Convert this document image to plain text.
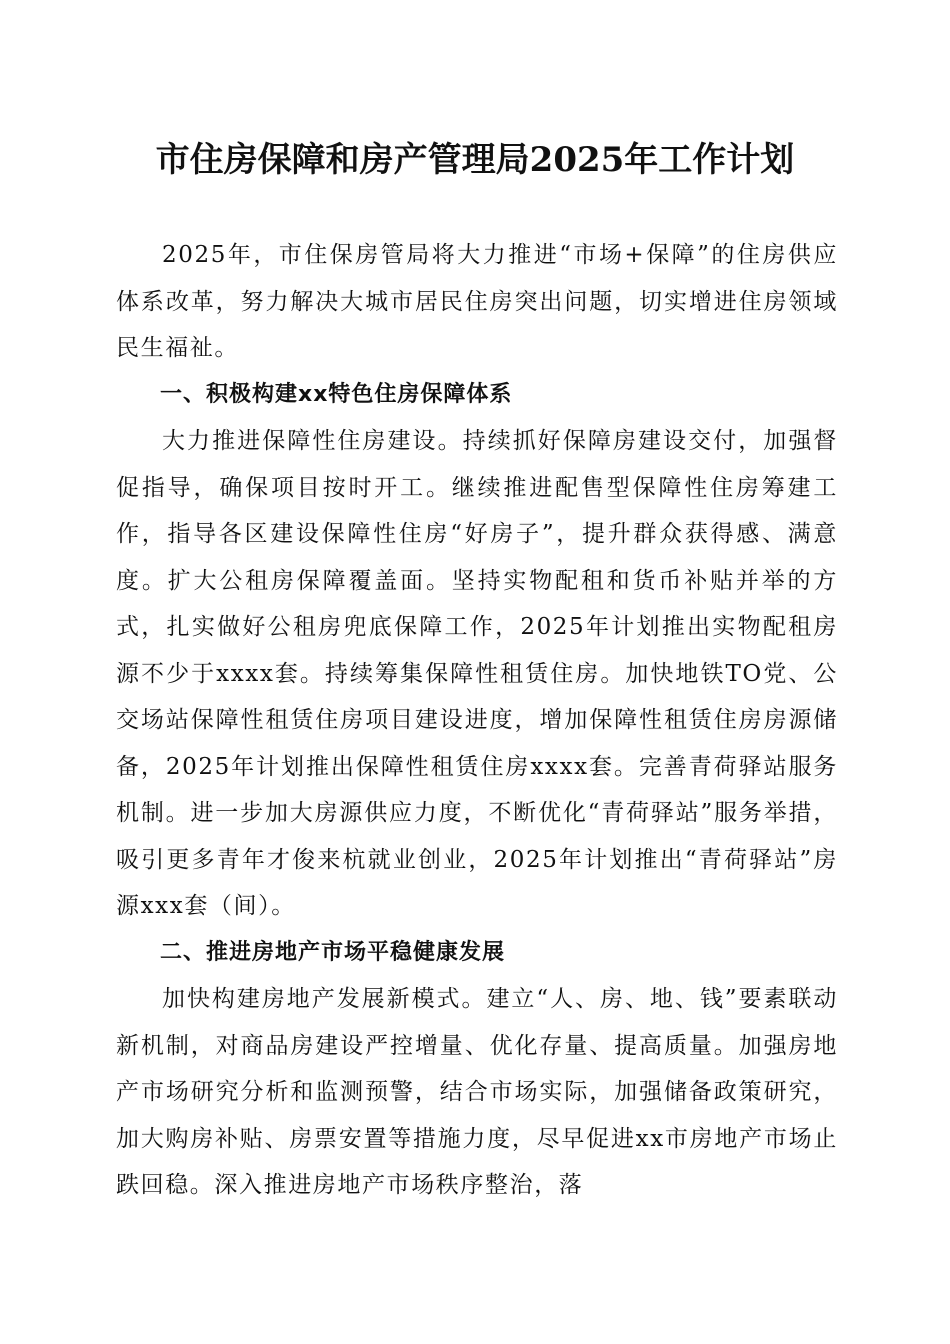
市住房保障和房产管理局2025年工作计划

2025年，市住保房管局将大力推进“市场+保障”的住房供应体系改革，努力解决大城市居民住房突出问题，切实增进住房领域民生福祉。

一、积极构建xx特色住房保障体系

大力推进保障性住房建设。持续抓好保障房建设交付，加强督促指导，确保项目按时开工。继续推进配售型保障性住房筹建工作，指导各区建设保障性住房“好房子”，提升群众获得感、满意度。扩大公租房保障覆盖面。坚持实物配租和货币补贴并举的方式，扎实做好公租房兜底保障工作，2025年计划推出实物配租房源不少于xxxx套。持续筹集保障性租赁住房。加快地铁TO党、公交场站保障性租赁住房项目建设进度，增加保障性租赁住房房源储备，2025年计划推出保障性租赁住房xxxx套。完善青荷驿站服务机制。进一步加大房源供应力度，不断优化“青荷驿站”服务举措，吸引更多青年才俊来杭就业创业，2025年计划推出“青荷驿站”房源xxx套（间）。

二、推进房地产市场平稳健康发展

加快构建房地产发展新模式。建立“人、房、地、钱”要素联动新机制，对商品房建设严控增量、优化存量、提高质量。加强房地产市场研究分析和监测预警，结合市场实际，加强储备政策研究，加大购房补贴、房票安置等措施力度，尽早促进xx市房地产市场止跌回稳。深入推进房地产市场秩序整治，落
